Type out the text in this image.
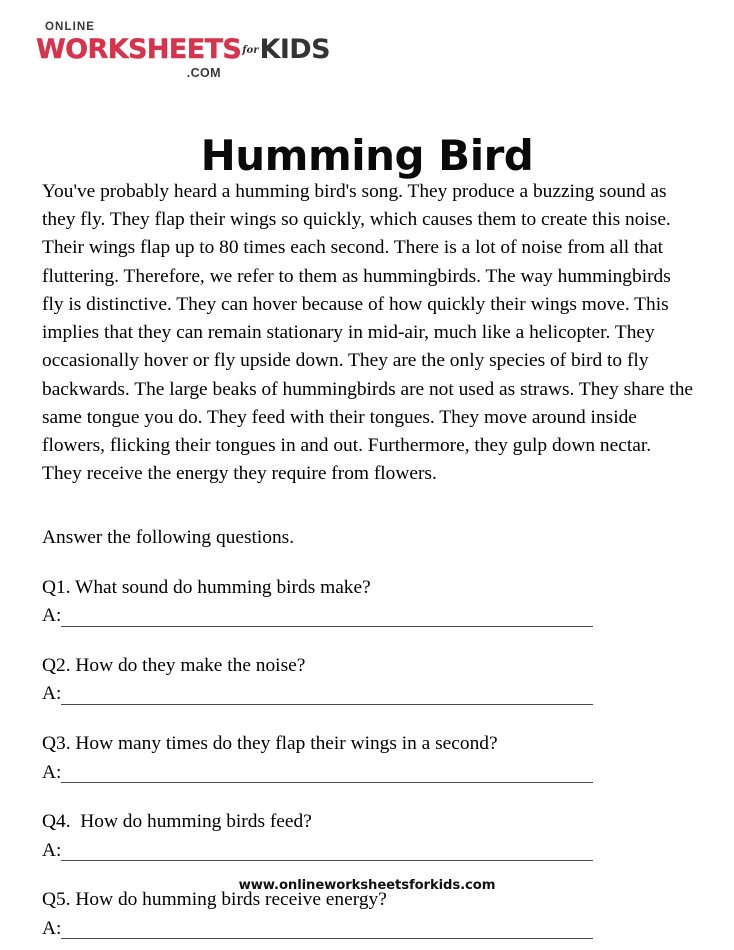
ONLINE
WORKSHEETS for KIDS
.COM
Humming Bird

You've probably heard a humming bird's song. They produce a buzzing sound as they fly. They flap their wings so quickly, which causes them to create this noise. Their wings flap up to 80 times each second. There is a lot of noise from all that fluttering. Therefore, we refer to them as hummingbirds. The way hummingbirds fly is distinctive. They can hover because of how quickly their wings move. This implies that they can remain stationary in mid-air, much like a helicopter. They occasionally hover or fly upside down. They are the only species of bird to fly backwards. The large beaks of hummingbirds are not used as straws. They share the same tongue you do. They feed with their tongues. They move around inside flowers, flicking their tongues in and out. Furthermore, they gulp down nectar. They receive the energy they require from flowers.

Answer the following questions.

Q1. What sound do humming birds make?
A:
Q2. How do they make the noise?
A:
Q3. How many times do they flap their wings in a second?
A:
Q4.  How do humming birds feed?
A:
Q5. How do humming birds receive energy?
A:
www.onlineworksheetsforkids.com
